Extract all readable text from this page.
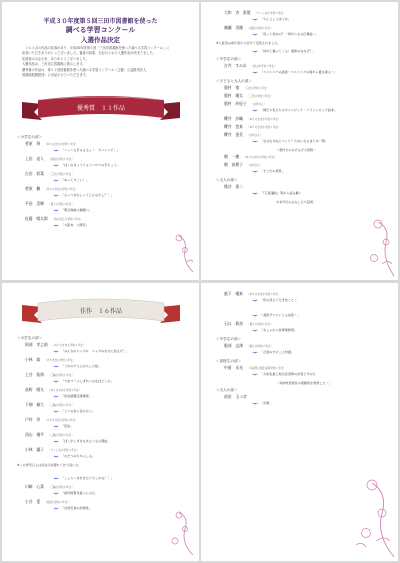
平成３０年度第５回三田市図書館を使った
調べる学習コンクール
入選作品決定
　３６３点の作品の応募があり、平成30年度第５回「三田市図書館を使った調べる学習コンクール」に
応募いただきありがとうございました。審査の結果、右記のとおり入選作品が決まりました。
応募者のみなさま、ありがとうございました。
入選作品は、三田市立図書館に展示します。
優秀賞の作品は、第２２回図書館を使った調べる学習コンクール（主催：公益財団法人
図書館振興財団）に出品させていただきます。
優秀賞　１１作品
＜小学生の部＞
菅原　葵 （ゆりのき台小学校１年生）
「ぐっぐるぎゅるるぅ〜　カメレンジ！」
上田　直人 （長坂小学校１年生）
「ぼくのきょうりゅうコロナの手ちょう」
古田　彩菜 （三田小学校２年生）
「ねってすごい！」
菅原　楓 （ゆりのき台小学校３年生）
「ひっつきむしってどんなむし？！」
平田　美輝 （富士小学校４年生）
「明石海峡大橋調べ」
佐藤　晴太郎 （弥生が丘小学校４年生）
「大阪弁　大研究」
大和　杏　彩葉 （つくし台小学校５年生）
「ちんじょうほうめ」
廣瀬　美穂 （長坂小学校６年生）
「音って何なの？〜骨からなる伝導話〜」
※入賞者は前年度から続けて受賞されました。
「初めて鶏ってくる！最新のななぞ？」
＜中学生の部＞
吉井　すみれ （狭山中学校３年生）
「エストニアの美術〜エストニアの春から夏を探る〜」
＜子どもと大人の部＞
奥村　竜 （三田小学校１年生）
奥村　颯太 （三田小学校３年生）
奥村　紗紀子 （お母さん）
「僕たち私たちのオリンピック・パラリンピック読本」
櫻井　沙織 （ゆりのき台小学校４年生）
櫻井　悠真 （ゆりのき台小学校１年生）
櫻井　恵美 （お母さん）
「なぜなぜなにつくり？ためになるまとめ一冊」
〜豊祥夫のなぞなぞ大冒険〜
朝　一穂 （ゆりのき台小学校３年生）
朝　真理子 （お母さん）
「そうだの発見」
＜大人の部＞
熊谷　恵二
「『広島藩誌』等から読み解く
木本平位のはなしたち起源」
佳作　１６作品
＜小学生の部＞
阿部　幸之助 （ゆりのき台小学校１年生）
「みんなのシンボル　ニャタのなぜに迫るぞ！」
小林　楽 （けやき台小学校１年生）
「うわのチリんおもしろ絵」
上谷　拓翔 （三輪小学校１年生）
「つまづ〜ぷしぎれいはなほどころ」
高野　陽太 （ゆりのき台小学校２年生）
「昆虫図鑑宝庫調査」
下畑　雄大 （三輪小学校２年生）
「ヒミの家に住みたい」
戸村　昂 （すずかけ台小学校３年生）
「昆虫」
西山　颯平 （三輪小学校４年生）
「ぼくがしぎきなあたくなる理由」
小林　優子 （つくし台小学校５年生）
「わたつのちからしる」
※ノの男児以上は昆虫以前優れて計で追いた。
「こしらへきれをたりもしれな！！」
川崎　心菜 （三輪小学校６年生）
「祖母遊覧先祖っにみた」
小谷　愛 （長坂小学校６年生）
「自然災害の危険性」
庭下　颯真 （ゆりのき台小学校６年生）
「色の見えて行き色ことこ
〜美術ずつというる決着〜」
石口　莉奈 （富士小学校６年生）
「おしゃれ人材事業教規」
＜中学生の部＞
服部　志澤 （富士中学校２年生）
「合金のすそこ人材面」
＜高校生の部＞
中道　永光 （兵庫県立相生高等学校１年生）
「大和乱豪上地元武者界の武者とすのた
〜具体物書歴者の視観察を教教した〜」
＜大人の部＞
前田　玉つぎ
「玄関」
